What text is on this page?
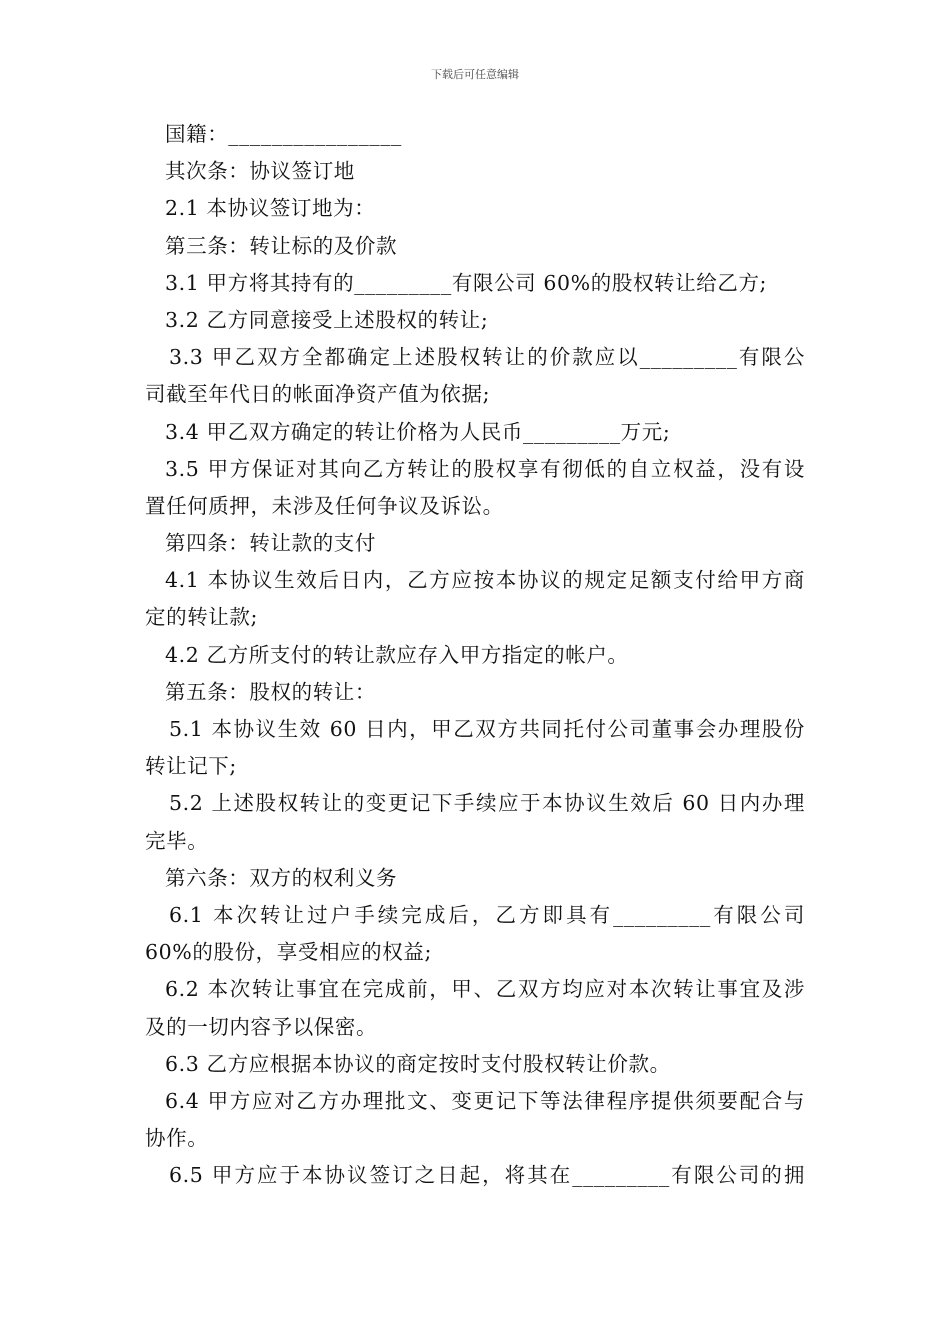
下载后可任意编辑
国籍：________________
其次条：协议签订地
2.1 本协议签订地为：
第三条：转让标的及价款
3.1 甲方将其持有的_________有限公司 60%的股权转让给乙方;
3.2 乙方同意接受上述股权的转让;
3.3 甲乙双方全都确定上述股权转让的价款应以_________有限公
司截至年代日的帐面净资产值为依据;
3.4 甲乙双方确定的转让价格为人民币_________万元;
3.5 甲方保证对其向乙方转让的股权享有彻低的自立权益，没有设
置任何质押，未涉及任何争议及诉讼。
第四条：转让款的支付
4.1 本协议生效后日内，乙方应按本协议的规定足额支付给甲方商
定的转让款;
4.2 乙方所支付的转让款应存入甲方指定的帐户。
第五条：股权的转让：
5.1 本协议生效 60 日内，甲乙双方共同托付公司董事会办理股份
转让记下;
5.2 上述股权转让的变更记下手续应于本协议生效后 60 日内办理
完毕。
第六条：双方的权利义务
6.1 本次转让过户手续完成后，乙方即具有_________有限公司
60%的股份，享受相应的权益;
6.2 本次转让事宜在完成前，甲、乙双方均应对本次转让事宜及涉
及的一切内容予以保密。
6.3 乙方应根据本协议的商定按时支付股权转让价款。
6.4 甲方应对乙方办理批文、变更记下等法律程序提供须要配合与
协作。
6.5 甲方应于本协议签订之日起，将其在_________有限公司的拥
